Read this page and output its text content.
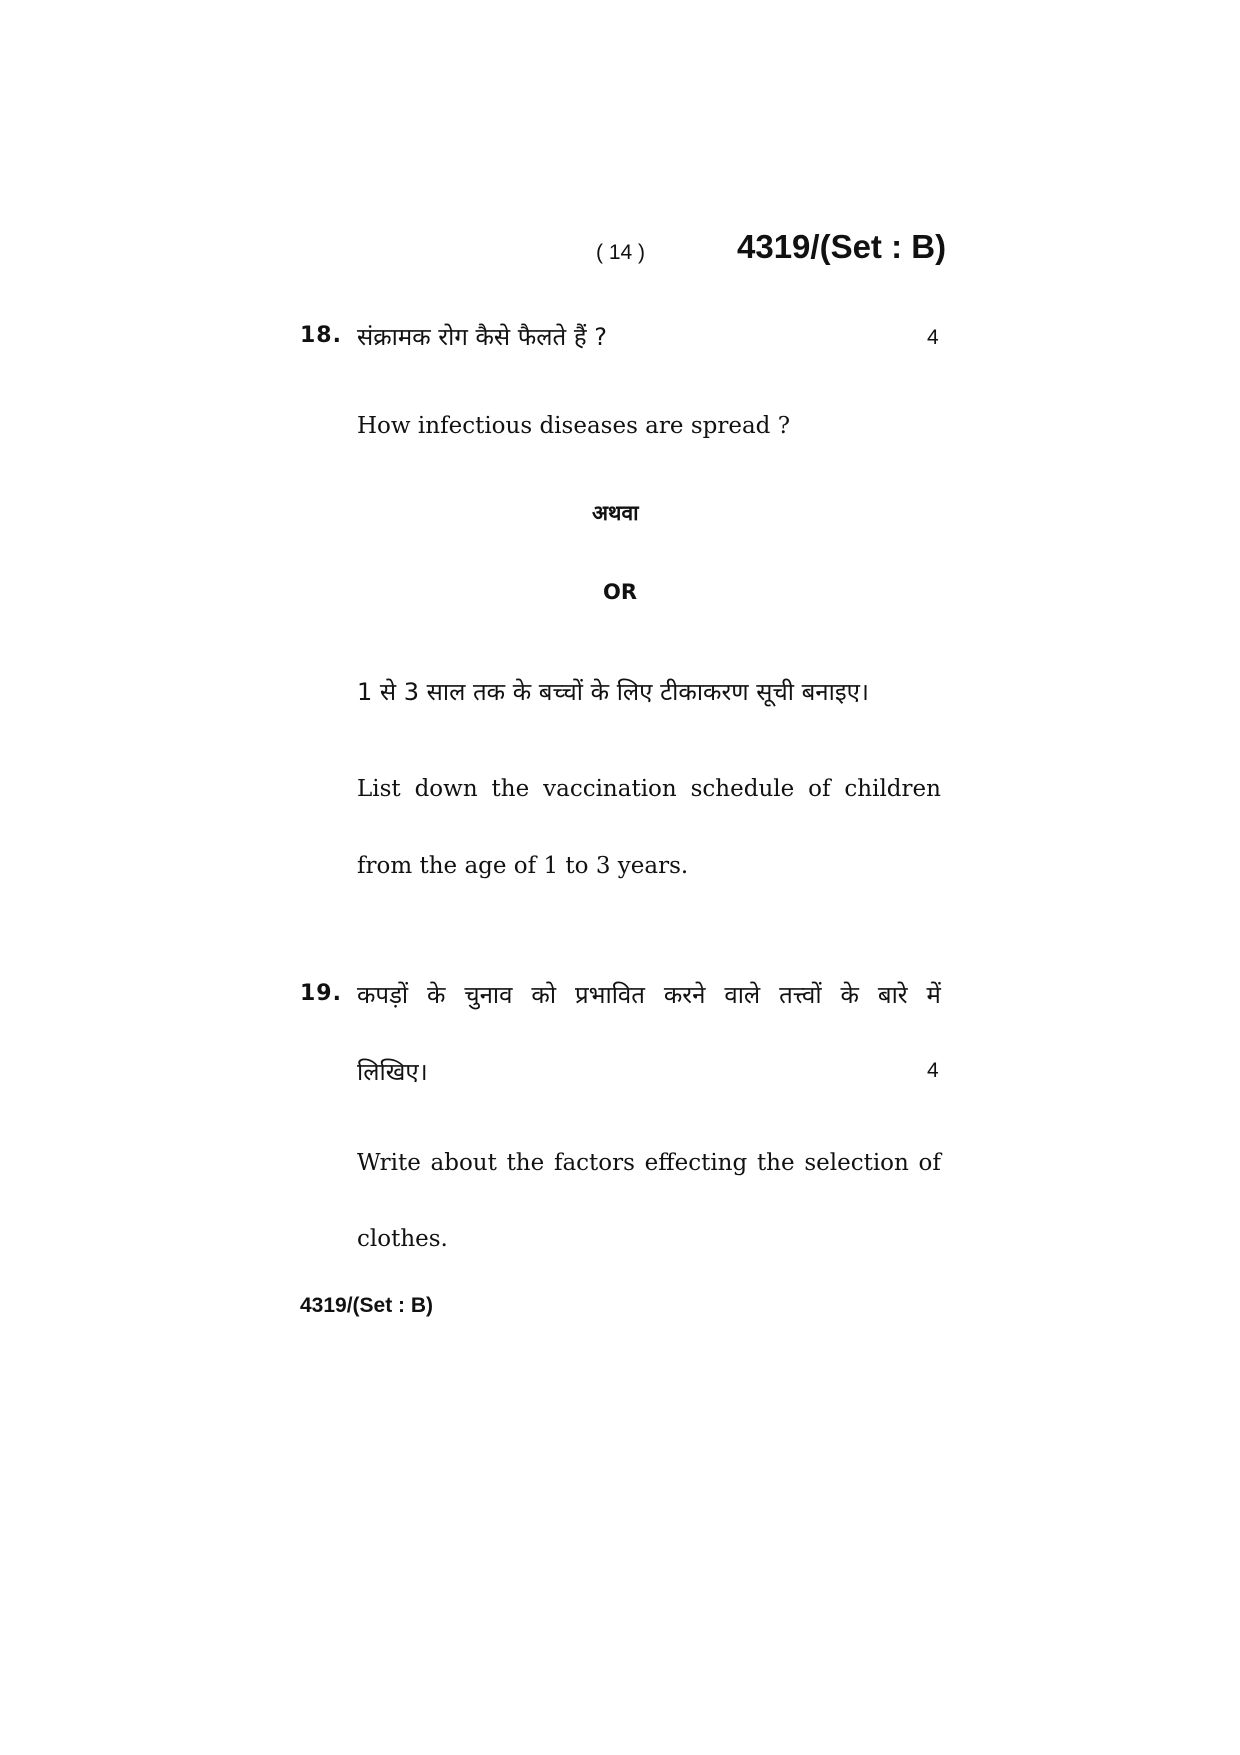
( 14 )	4319/(Set : B)
18. संक्रामक रोग कैसे फैलते हैं ?	4
How infectious diseases are spread ?
अथवा
OR
1 से 3 साल तक के बच्चों के लिए टीकाकरण सूची बनाइए।
List down the vaccination schedule of children
from the age of 1 to 3 years.
19. कपड़ों के चुनाव को प्रभावित करने वाले तत्त्वों के बारे में
लिखिए।	4
Write about the factors effecting the selection of
clothes.
4319/(Set : B)
